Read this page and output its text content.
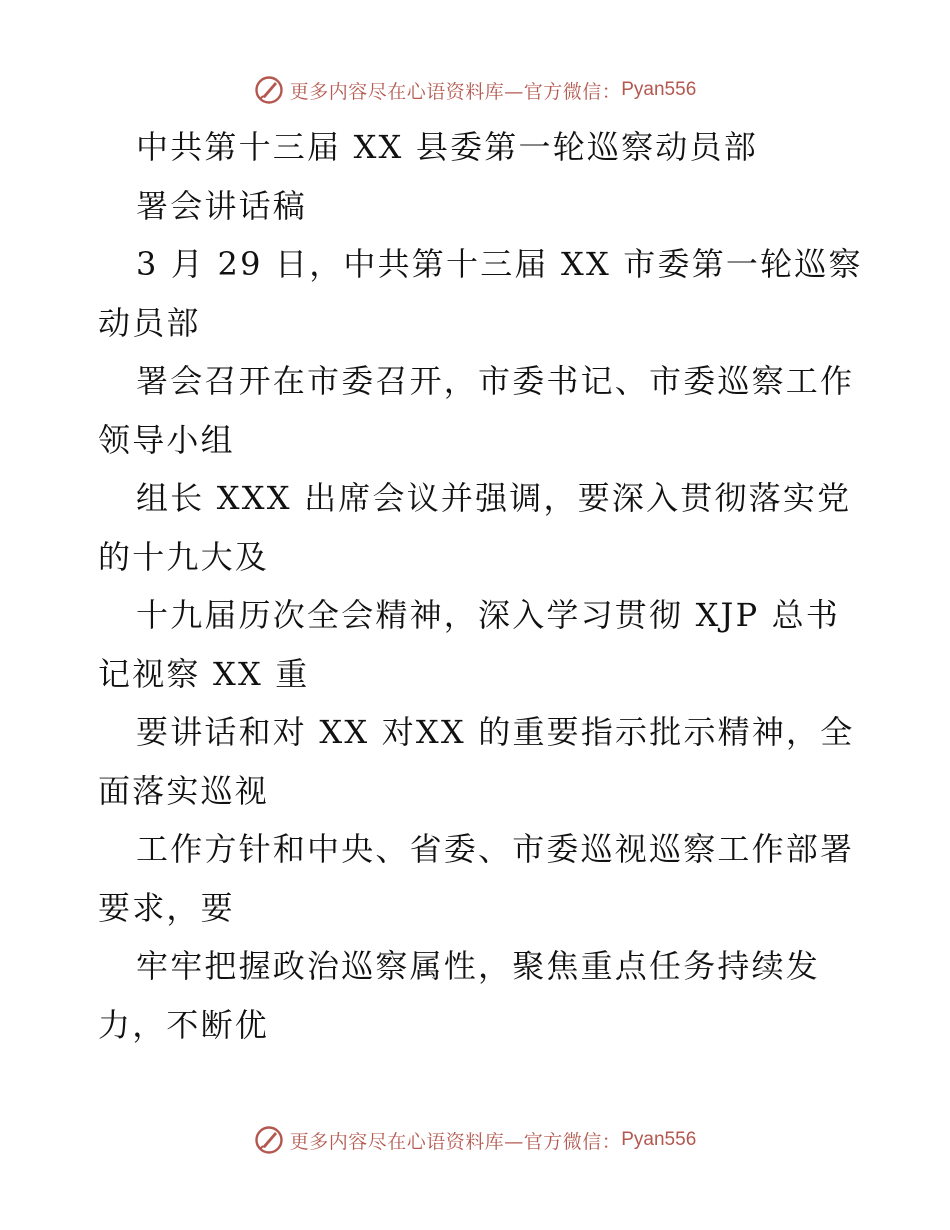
更多内容尽在心语资料库—官方微信： Pyan556
中共第十三届 XX 县委第一轮巡察动员部
署会讲话稿
3 月 29 日，中共第十三届 XX 市委第一轮巡察
动员部
署会召开在市委召开，市委书记、市委巡察工作
领导小组
组长 XXX 出席会议并强调，要深入贯彻落实党
的十九大及
十九届历次全会精神，深入学习贯彻 XJP 总书
记视察 XX 重
要讲话和对 XX 对XX 的重要指示批示精神，全
面落实巡视
工作方针和中央、省委、市委巡视巡察工作部署
要求，要
牢牢把握政治巡察属性，聚焦重点任务持续发
力，不断优
更多内容尽在心语资料库—官方微信： Pyan556
